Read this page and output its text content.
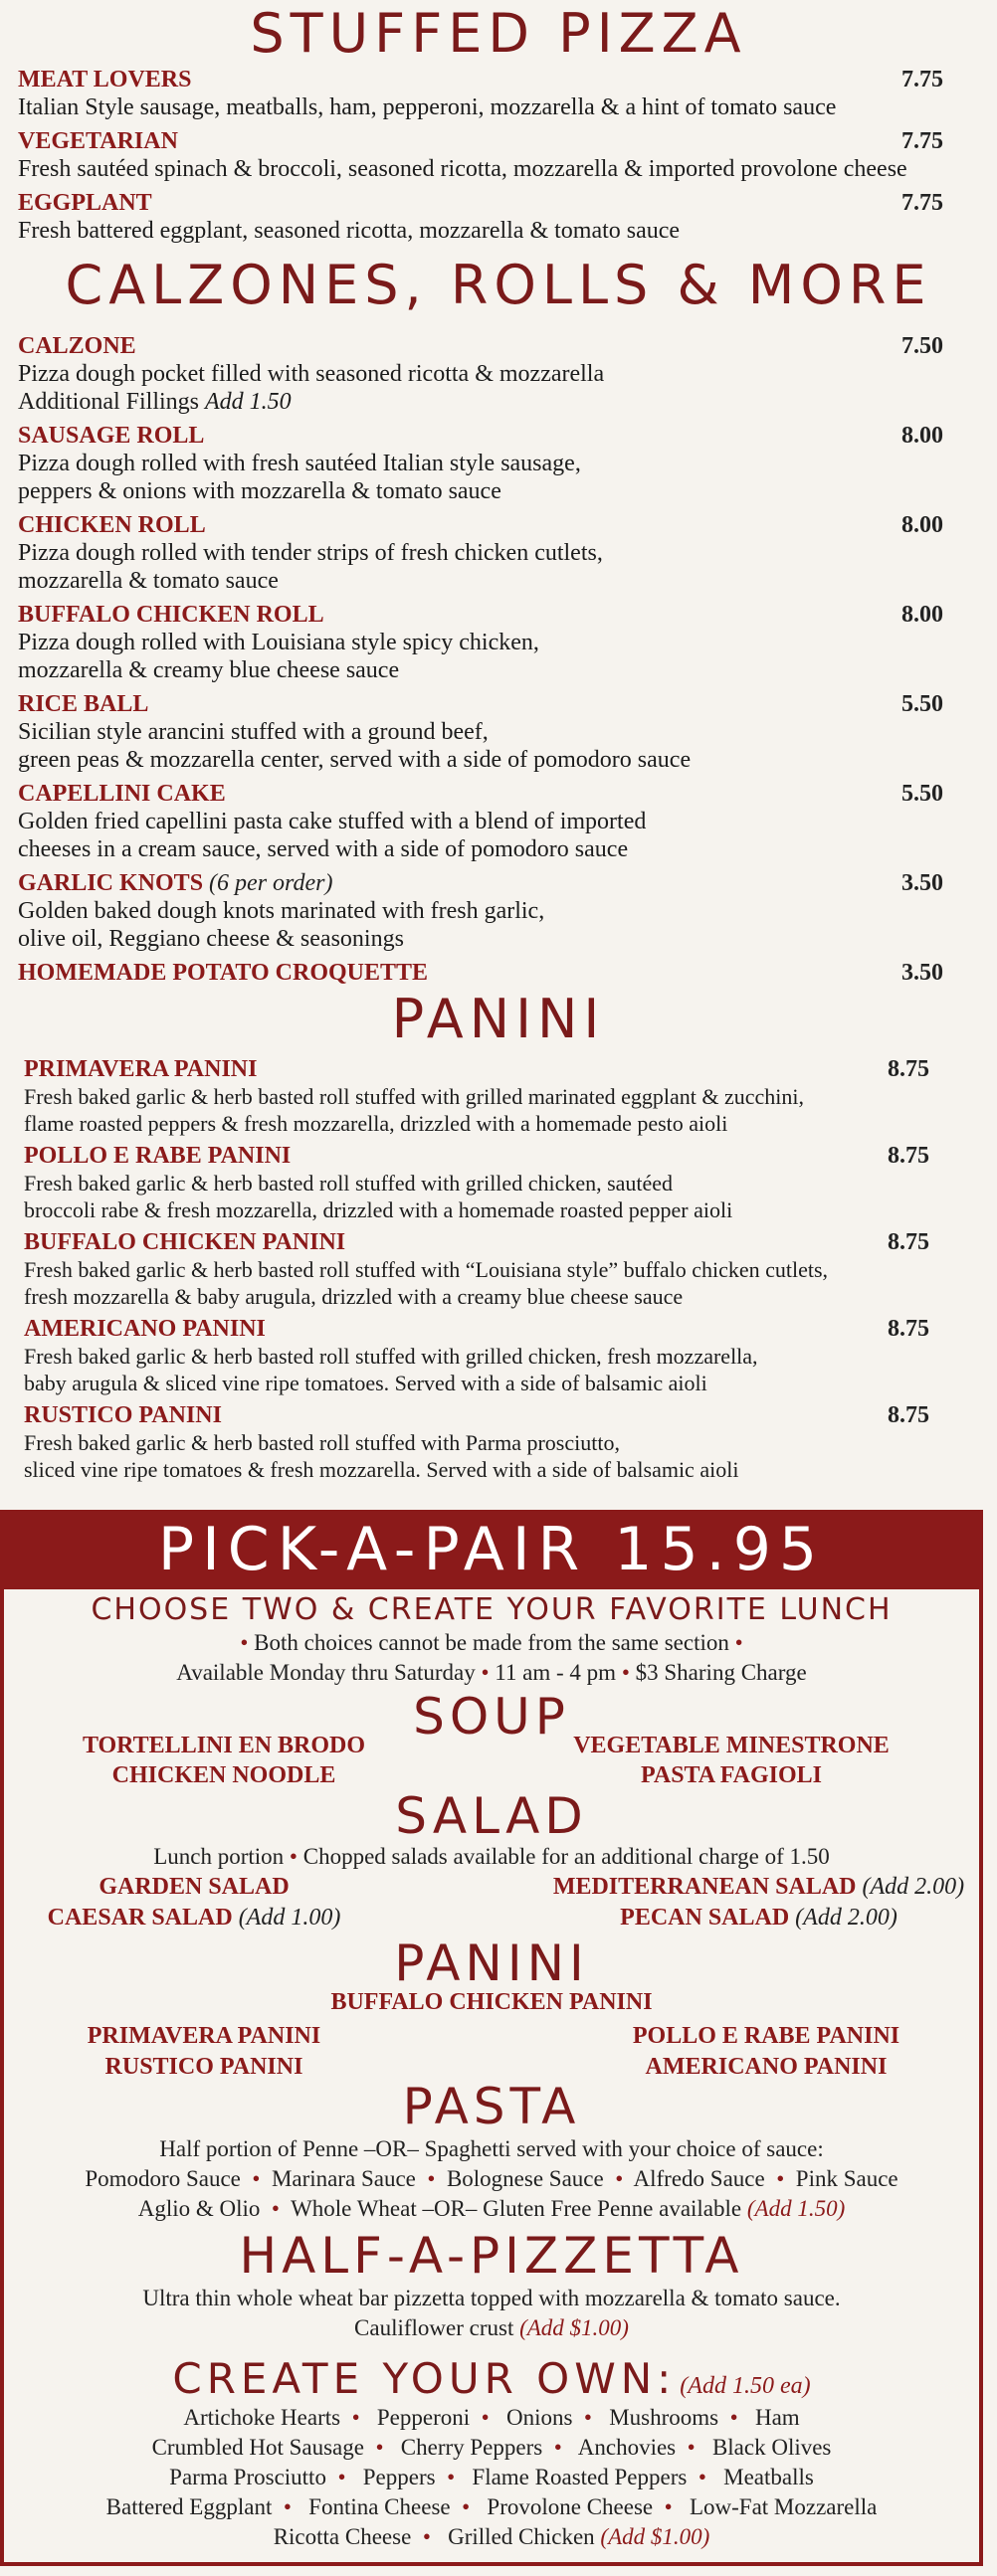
STUFFED PIZZA
MEAT LOVERS
Italian Style sausage, meatballs, ham, pepperoni, mozzarella & a hint of tomato sauce
7.75
VEGETARIAN
Fresh sautéed spinach & broccoli, seasoned ricotta, mozzarella & imported provolone cheese
7.75
EGGPLANT
Fresh battered eggplant, seasoned ricotta, mozzarella & tomato sauce
7.75
CALZONES, ROLLS & MORE
CALZONE
Pizza dough pocket filled with seasoned ricotta & mozzarella
Additional Fillings Add 1.50
7.50
SAUSAGE ROLL
Pizza dough rolled with fresh sautéed Italian style sausage,
peppers & onions with mozzarella & tomato sauce
8.00
CHICKEN ROLL
Pizza dough rolled with tender strips of fresh chicken cutlets,
mozzarella & tomato sauce
8.00
BUFFALO CHICKEN ROLL
Pizza dough rolled with Louisiana style spicy chicken,
mozzarella & creamy blue cheese sauce
8.00
RICE BALL
Sicilian style arancini stuffed with a ground beef,
green peas & mozzarella center, served with a side of pomodoro sauce
5.50
CAPELLINI CAKE
Golden fried capellini pasta cake stuffed with a blend of imported
cheeses in a cream sauce, served with a side of pomodoro sauce
5.50
GARLIC KNOTS (6 per order)
Golden baked dough knots marinated with fresh garlic,
olive oil, Reggiano cheese & seasonings
3.50
HOMEMADE POTATO CROQUETTE	3.50
PANINI
PRIMAVERA PANINI
Fresh baked garlic & herb basted roll stuffed with grilled marinated eggplant & zucchini,
flame roasted peppers & fresh mozzarella, drizzled with a homemade pesto aioli
8.75
POLLO E RABE PANINI
Fresh baked garlic & herb basted roll stuffed with grilled chicken, sautéed
broccoli rabe & fresh mozzarella, drizzled with a homemade roasted pepper aioli
8.75
BUFFALO CHICKEN PANINI
Fresh baked garlic & herb basted roll stuffed with “Louisiana style” buffalo chicken cutlets,
fresh mozzarella & baby arugula, drizzled with a creamy blue cheese sauce
8.75
AMERICANO PANINI
Fresh baked garlic & herb basted roll stuffed with grilled chicken, fresh mozzarella,
baby arugula & sliced vine ripe tomatoes. Served with a side of balsamic aioli
8.75
RUSTICO PANINI
Fresh baked garlic & herb basted roll stuffed with Parma prosciutto,
sliced vine ripe tomatoes & fresh mozzarella. Served with a side of balsamic aioli
8.75
PICK-A-PAIR 15.95
CHOOSE TWO & CREATE YOUR FAVORITE LUNCH
• Both choices cannot be made from the same section •
Available Monday thru Saturday • 11 am - 4 pm • $3 Sharing Charge
SOUP
TORTELLINI EN BRODO
CHICKEN NOODLE
VEGETABLE MINESTRONE
PASTA FAGIOLI
SALAD
Lunch portion • Chopped salads available for an additional charge of 1.50
GARDEN SALAD
CAESAR SALAD (Add 1.00)
MEDITERRANEAN SALAD (Add 2.00)
PECAN SALAD (Add 2.00)
PANINI
BUFFALO CHICKEN PANINI
PRIMAVERA PANINI
RUSTICO PANINI
POLLO E RABE PANINI
AMERICANO PANINI
PASTA
Half portion of Penne –OR– Spaghetti served with your choice of sauce:
Pomodoro Sauce  •  Marinara Sauce  •  Bolognese Sauce  •  Alfredo Sauce  •  Pink Sauce
Aglio & Olio  •  Whole Wheat –OR– Gluten Free Penne available (Add 1.50)
HALF-A-PIZZETTA
Ultra thin whole wheat bar pizzetta topped with mozzarella & tomato sauce.
Cauliflower crust (Add $1.00)
CREATE YOUR OWN: (Add 1.50 ea)
Artichoke Hearts  •   Pepperoni  •   Onions  •   Mushrooms  •   Ham
Crumbled Hot Sausage  •   Cherry Peppers  •   Anchovies  •   Black Olives
Parma Prosciutto  •   Peppers  •   Flame Roasted Peppers  •   Meatballs
Battered Eggplant  •   Fontina Cheese  •   Provolone Cheese  •   Low-Fat Mozzarella
Ricotta Cheese  •   Grilled Chicken (Add $1.00)
